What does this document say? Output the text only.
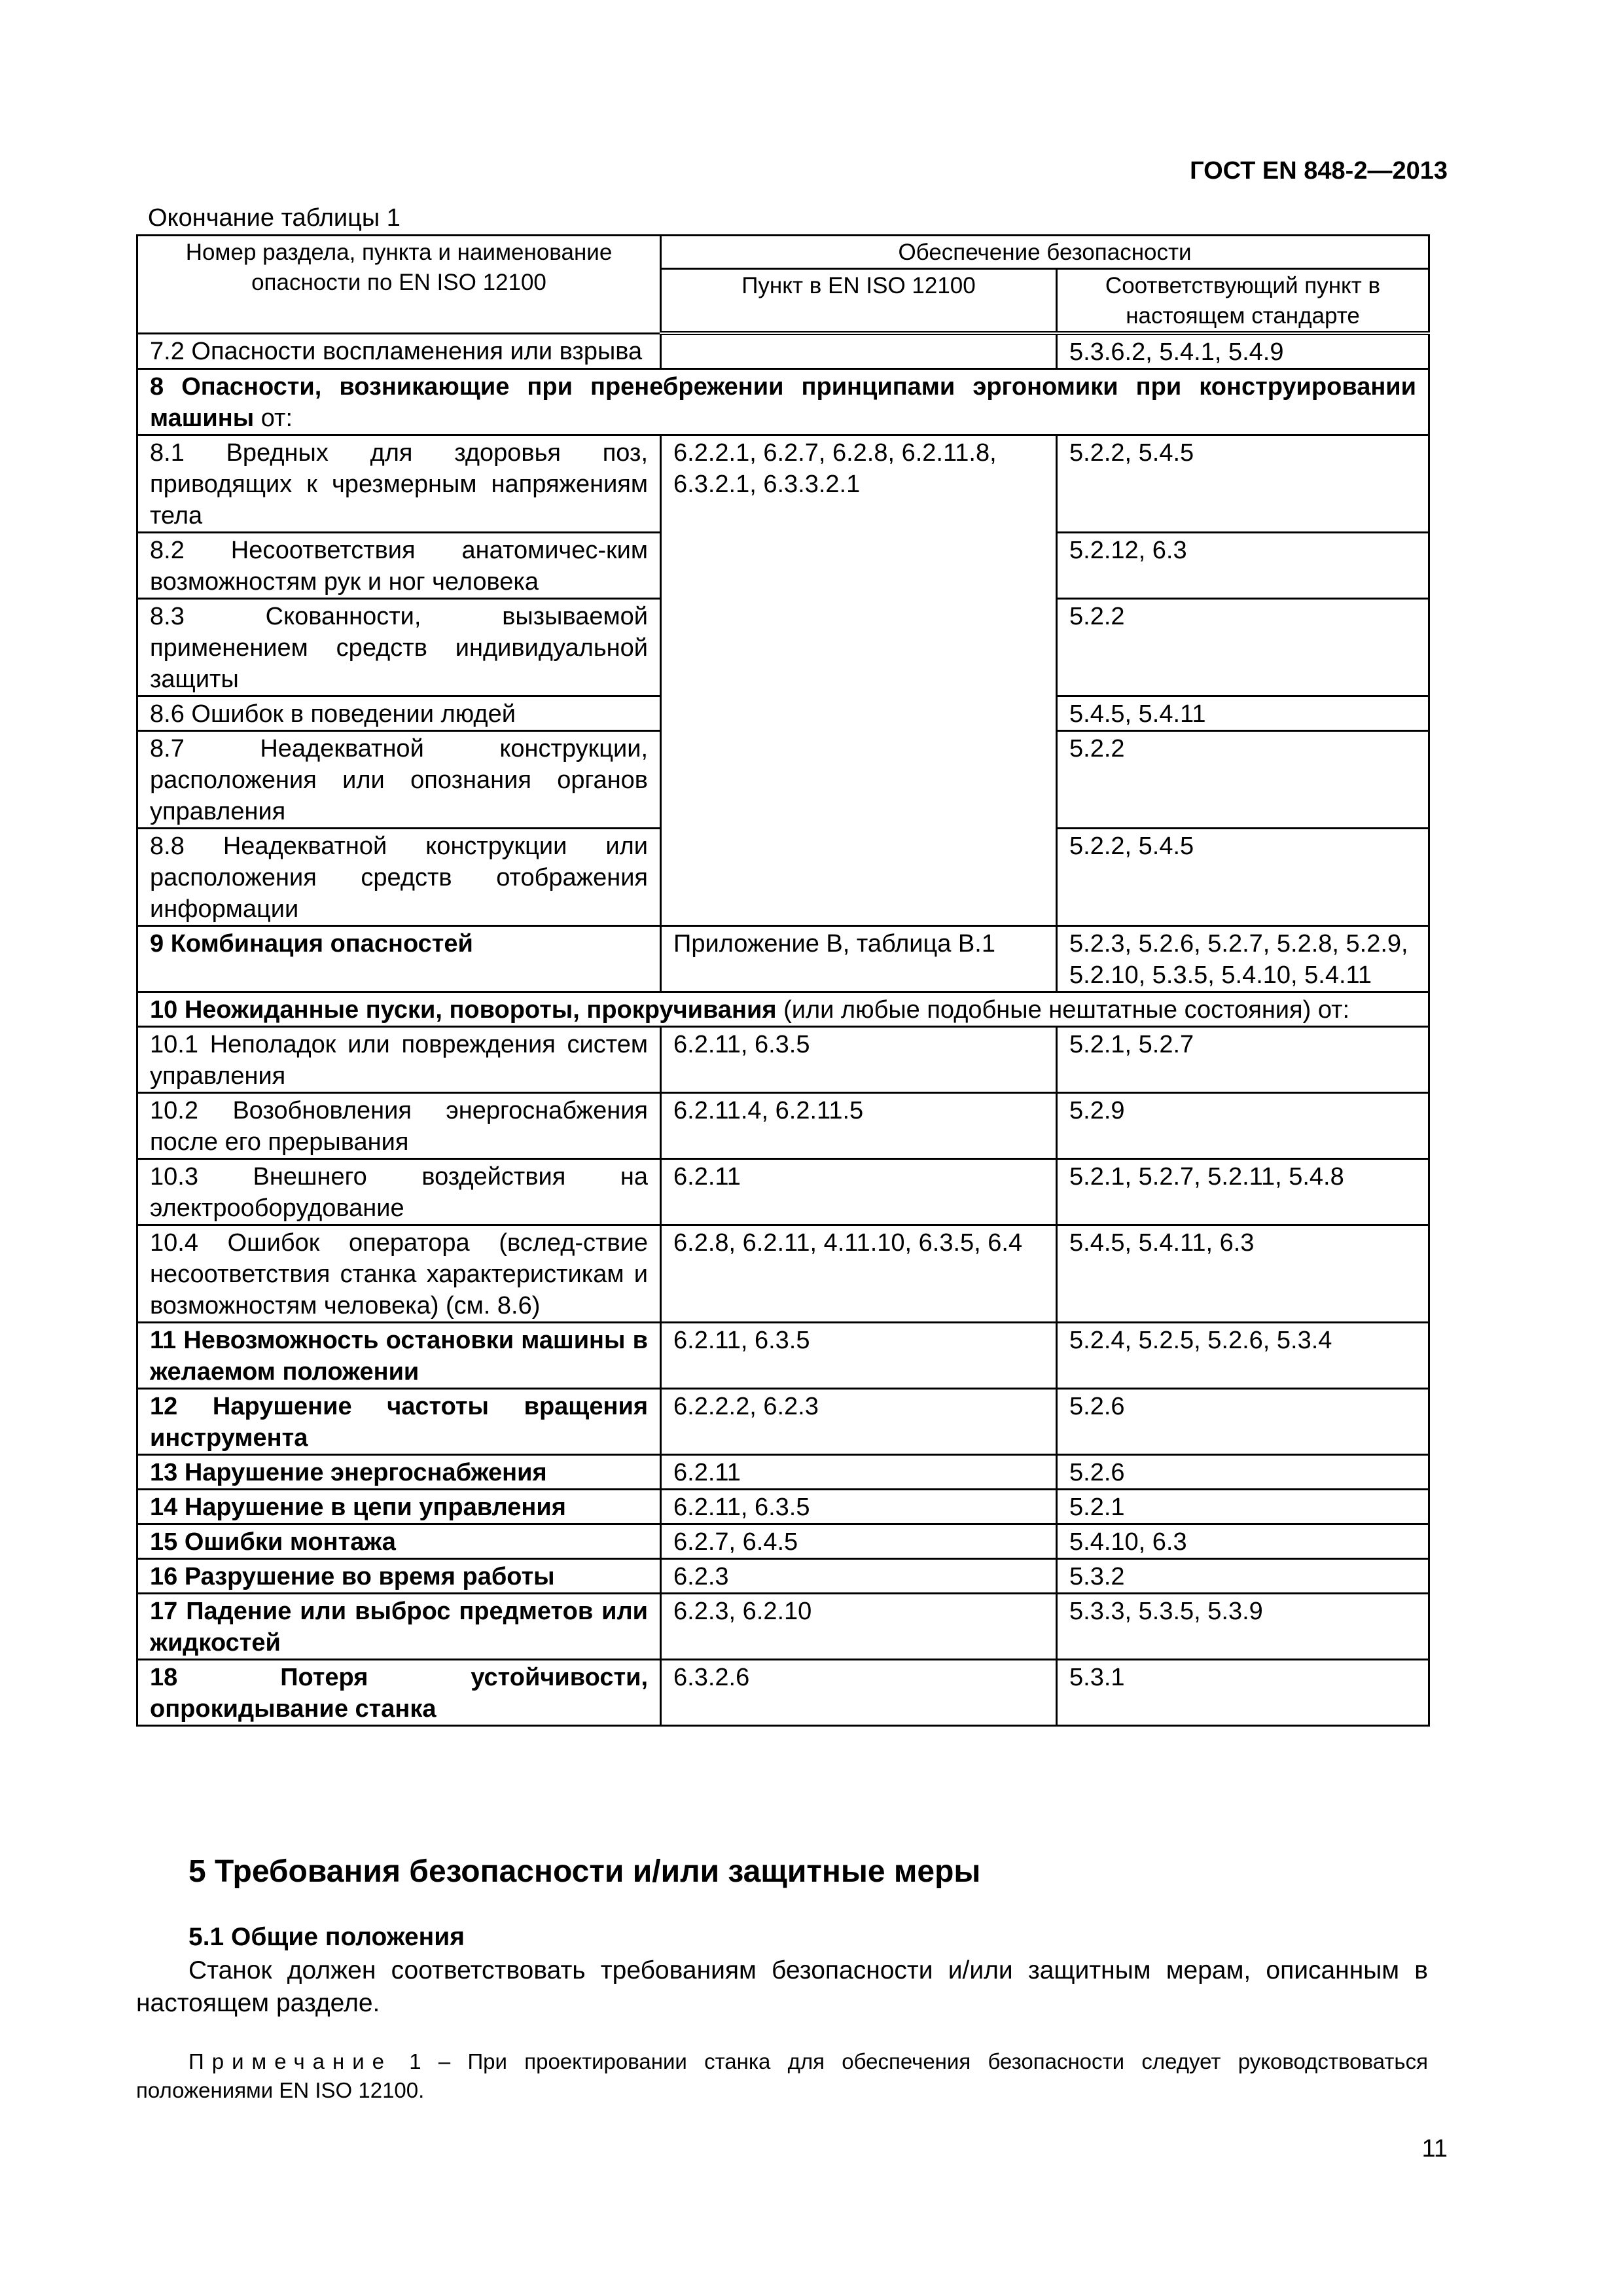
ГОСТ EN 848-2—2013
Окончание таблицы 1
Номер раздела, пункта и наименование опасности по EN ISO 12100	Обеспечение безопасности	
	Пункт в EN ISO 12100	Соответствующий пункт в настоящем стандарте
7.2 Опасности воспламенения или взрыва		5.3.6.2, 5.4.1, 5.4.9
8 Опасности, возникающие при пренебрежении принципами эргономики при конструировании машины от:		
8.1 Вредных для здоровья поз, приводящих к чрезмерным напряжениям тела	6.2.2.1, 6.2.7, 6.2.8, 6.2.11.8, 6.3.2.1, 6.3.3.2.1	5.2.2, 5.4.5
8.2 Несоответствия анатомичес-ким возможностям рук и ног человека		5.2.12, 6.3
8.3 Скованности, вызываемой применением средств индивидуальной защиты		5.2.2
8.6 Ошибок в поведении людей		5.4.5, 5.4.11
8.7 Неадекватной конструкции, расположения или опознания органов управления		5.2.2
8.8 Неадекватной конструкции или расположения средств отображения информации		5.2.2, 5.4.5
9 Комбинация опасностей	Приложение В, таблица В.1	5.2.3, 5.2.6, 5.2.7, 5.2.8, 5.2.9, 5.2.10, 5.3.5, 5.4.10, 5.4.11
10 Неожиданные пуски, повороты, прокручивания (или любые подобные нештатные состояния) от:		
10.1 Неполадок или повреждения систем управления	6.2.11, 6.3.5	5.2.1, 5.2.7
10.2 Возобновления энергоснабжения после его прерывания	6.2.11.4, 6.2.11.5	5.2.9
10.3 Внешнего воздействия на электрооборудование	6.2.11	5.2.1, 5.2.7, 5.2.11, 5.4.8
10.4 Ошибок оператора (вслед-ствие несоответствия станка характеристикам и возможностям человека) (см. 8.6)	6.2.8, 6.2.11, 4.11.10, 6.3.5, 6.4	5.4.5, 5.4.11, 6.3
11 Невозможность остановки машины в желаемом положении	6.2.11, 6.3.5	5.2.4, 5.2.5, 5.2.6, 5.3.4
12 Нарушение частоты вращения инструмента	6.2.2.2, 6.2.3	5.2.6
13 Нарушение энергоснабжения	6.2.11	5.2.6
14 Нарушение в цепи управления	6.2.11, 6.3.5	5.2.1
15 Ошибки монтажа	6.2.7, 6.4.5	5.4.10, 6.3
16 Разрушение во время работы	6.2.3	5.3.2
17 Падение или выброс предметов или жидкостей	6.2.3, 6.2.10	5.3.3, 5.3.5, 5.3.9
18 Потеря устойчивости, опрокидывание станка	6.3.2.6	5.3.1
5 Требования безопасности и/или защитные меры
5.1 Общие положения
Станок должен соответствовать требованиям безопасности и/или защитным мерам, описанным в настоящем разделе.
Примечание 1 – При проектировании станка для обеспечения безопасности следует руководствоваться положениями EN ISO 12100.
11
